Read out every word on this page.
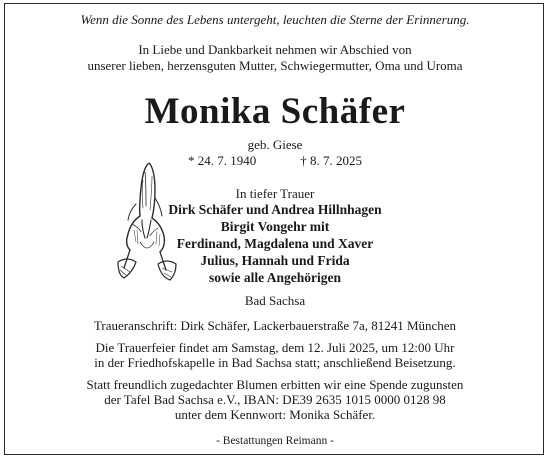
Wenn die Sonne des Lebens untergeht, leuchten die Sterne der Erinnerung.
In Liebe und Dankbarkeit nehmen wir Abschied von
unserer lieben, herzensguten Mutter, Schwiegermutter, Oma und Uroma
Monika Schäfer
geb. Giese
* 24. 7. 1940	† 8. 7. 2025
In tiefer Trauer
Dirk Schäfer und Andrea Hillnhagen
Birgit Vongehr mit
Ferdinand, Magdalena und Xaver
Julius, Hannah und Frida
sowie alle Angehörigen
Bad Sachsa
Traueranschrift: Dirk Schäfer, Lackerbauerstraße 7a, 81241 München
Die Trauerfeier findet am Samstag, dem 12. Juli 2025, um 12:00 Uhr
in der Friedhofskapelle in Bad Sachsa statt; anschließend Beisetzung.
Statt freundlich zugedachter Blumen erbitten wir eine Spende zugunsten
der Tafel Bad Sachsa e.V., IBAN: DE39 2635 1015 0000 0128 98
unter dem Kennwort: Monika Schäfer.
- Bestattungen Reimann -
